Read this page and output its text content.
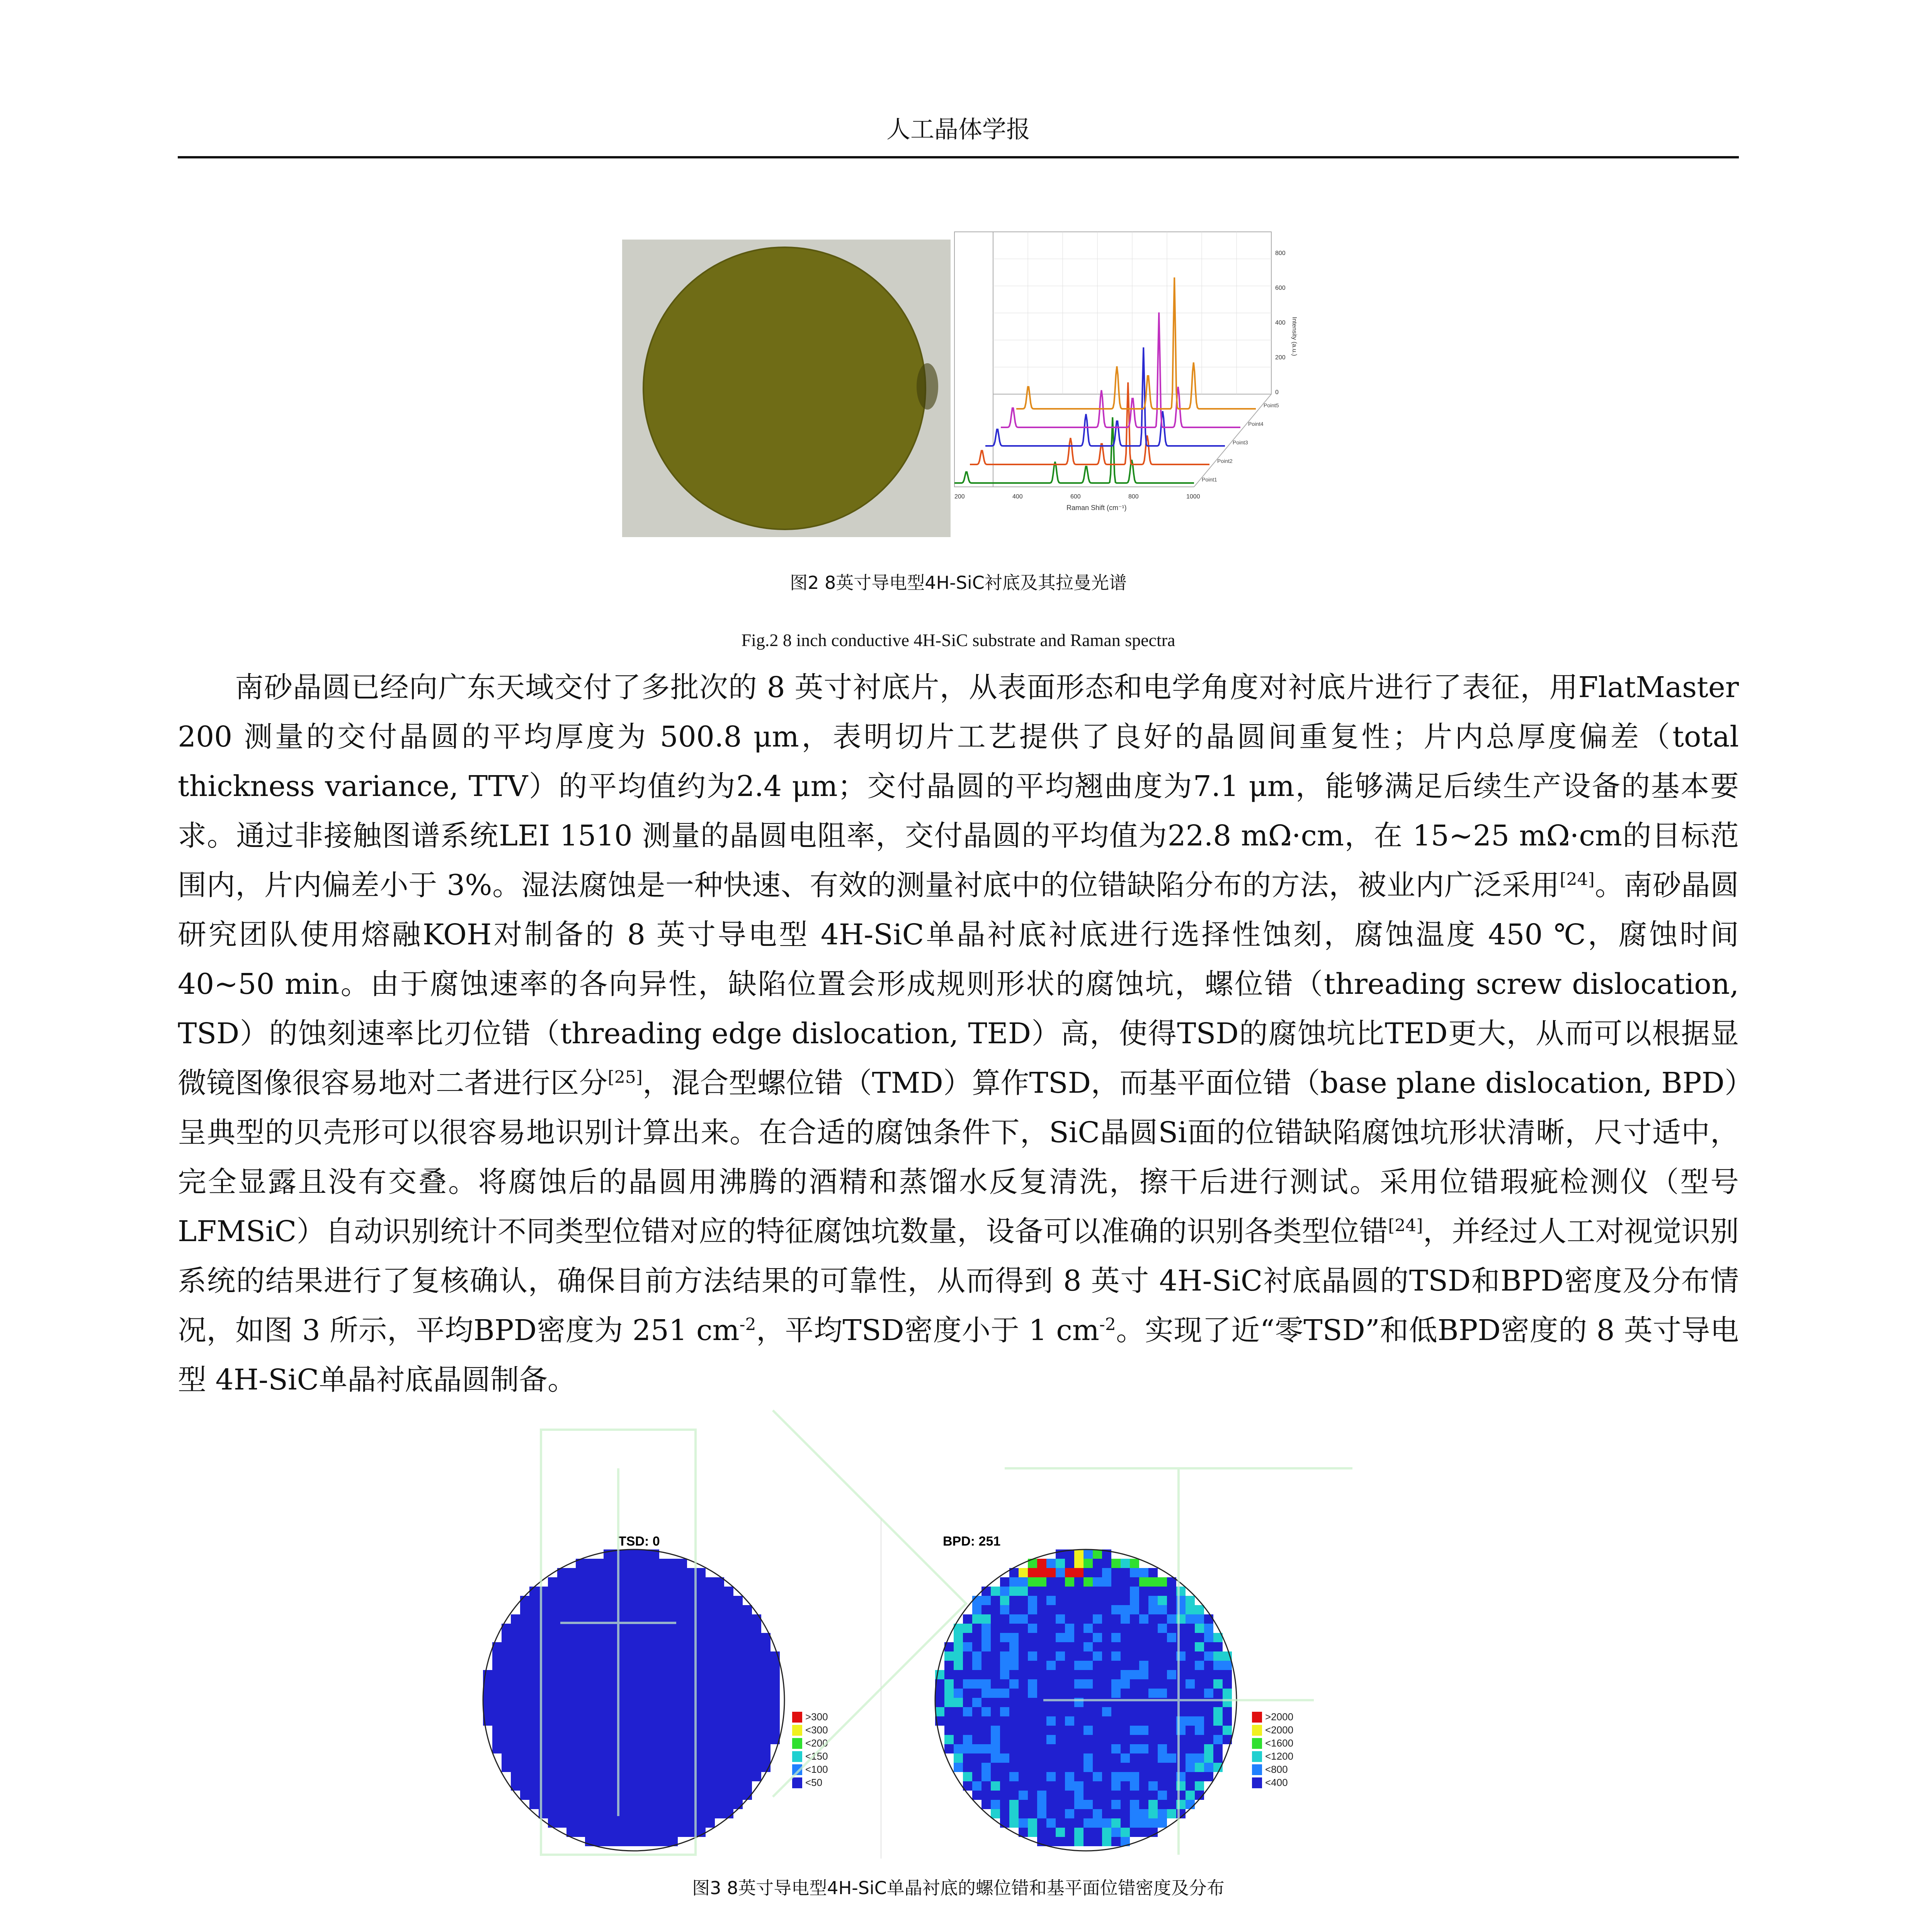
人工晶体学报
Point1
Point2
Point3
Point4
Point5
200	400	600	800	1000
0
200
400
600
800
Raman Shift (cm⁻¹)
Intensity (a.u.)
图2 8英寸导电型4H-SiC衬底及其拉曼光谱
Fig.2 8 inch conductive 4H-SiC substrate and Raman spectra

南砂晶圆已经向广东天域交付了多批次的 8 英寸衬底片，从表面形态和电学角度对衬底片进行了表征，用FlatMaster 200 测量的交付晶圆的平均厚度为 500.8 μm，表明切片工艺提供了良好的晶圆间重复性；片内总厚度偏差（total thickness variance, TTV）的平均值约为2.4 μm；交付晶圆的平均翘曲度为7.1 μm，能够满足后续生产设备的基本要求。通过非接触图谱系统LEI 1510 测量的晶圆电阻率，交付晶圆的平均值为22.8 mΩ·cm，在 15~25 mΩ·cm的目标范围内，片内偏差小于 3%。湿法腐蚀是一种快速、有效的测量衬底中的位错缺陷分布的方法，被业内广泛采用[24]。南砂晶圆研究团队使用熔融KOH对制备的 8 英寸导电型 4H-SiC单晶衬底衬底进行选择性蚀刻，腐蚀温度 450 ℃，腐蚀时间 40~50 min。由于腐蚀速率的各向异性，缺陷位置会形成规则形状的腐蚀坑，螺位错（threading screw dislocation, TSD）的蚀刻速率比刃位错（threading edge dislocation, TED）高，使得TSD的腐蚀坑比TED更大，从而可以根据显微镜图像很容易地对二者进行区分[25]，混合型螺位错（TMD）算作TSD，而基平面位错（base plane dislocation, BPD）呈典型的贝壳形可以很容易地识别计算出来。在合适的腐蚀条件下，SiC晶圆Si面的位错缺陷腐蚀坑形状清晰，尺寸适中，完全显露且没有交叠。将腐蚀后的晶圆用沸腾的酒精和蒸馏水反复清洗，擦干后进行测试。采用位错瑕疵检测仪（型号LFMSiC）自动识别统计不同类型位错对应的特征腐蚀坑数量，设备可以准确的识别各类型位错[24]，并经过人工对视觉识别系统的结果进行了复核确认，确保目前方法结果的可靠性，从而得到 8 英寸 4H-SiC衬底晶圆的TSD和BPD密度及分布情况，如图 3 所示，平均BPD密度为 251 $cm^{-2}$，平均TSD密度小于 1 $cm^{-2}$。实现了近“零TSD”和低BPD密度的 8 英寸导电型 4H-SiC单晶衬底晶圆制备。

TSD: 0	BPD: 251
>300
<300
<200
<150
<100
<50
>2000
<2000
<1600
<1200
<800
<400
图3 8英寸导电型4H-SiC单晶衬底的螺位错和基平面位错密度及分布
